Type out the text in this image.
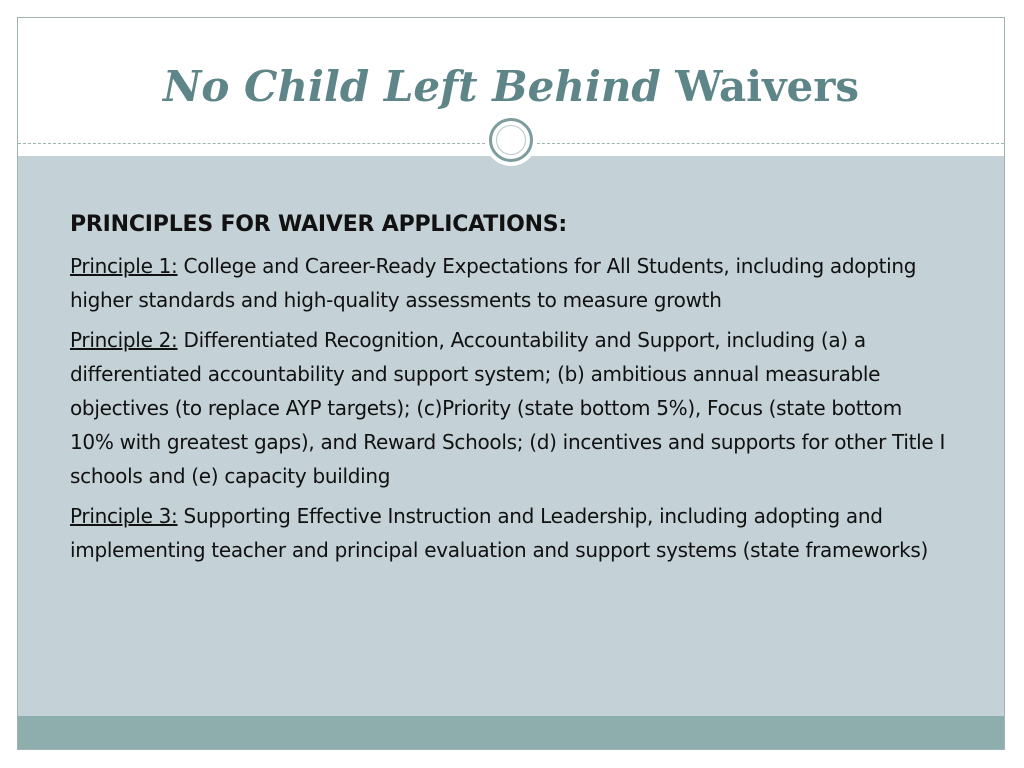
No Child Left Behind Waivers
PRINCIPLES FOR WAIVER APPLICATIONS:

Principle 1: College and Career-Ready Expectations for All Students, including adopting higher standards and high-quality assessments to measure growth

Principle 2: Differentiated Recognition, Accountability and Support, including (a) a differentiated accountability and support system; (b) ambitious annual measurable objectives (to replace AYP targets); (c)Priority (state bottom 5%), Focus (state bottom 10% with greatest gaps), and Reward Schools; (d) incentives and supports for other Title I schools and (e) capacity building

Principle 3: Supporting Effective Instruction and Leadership, including adopting and implementing teacher and principal evaluation and support systems (state frameworks)
